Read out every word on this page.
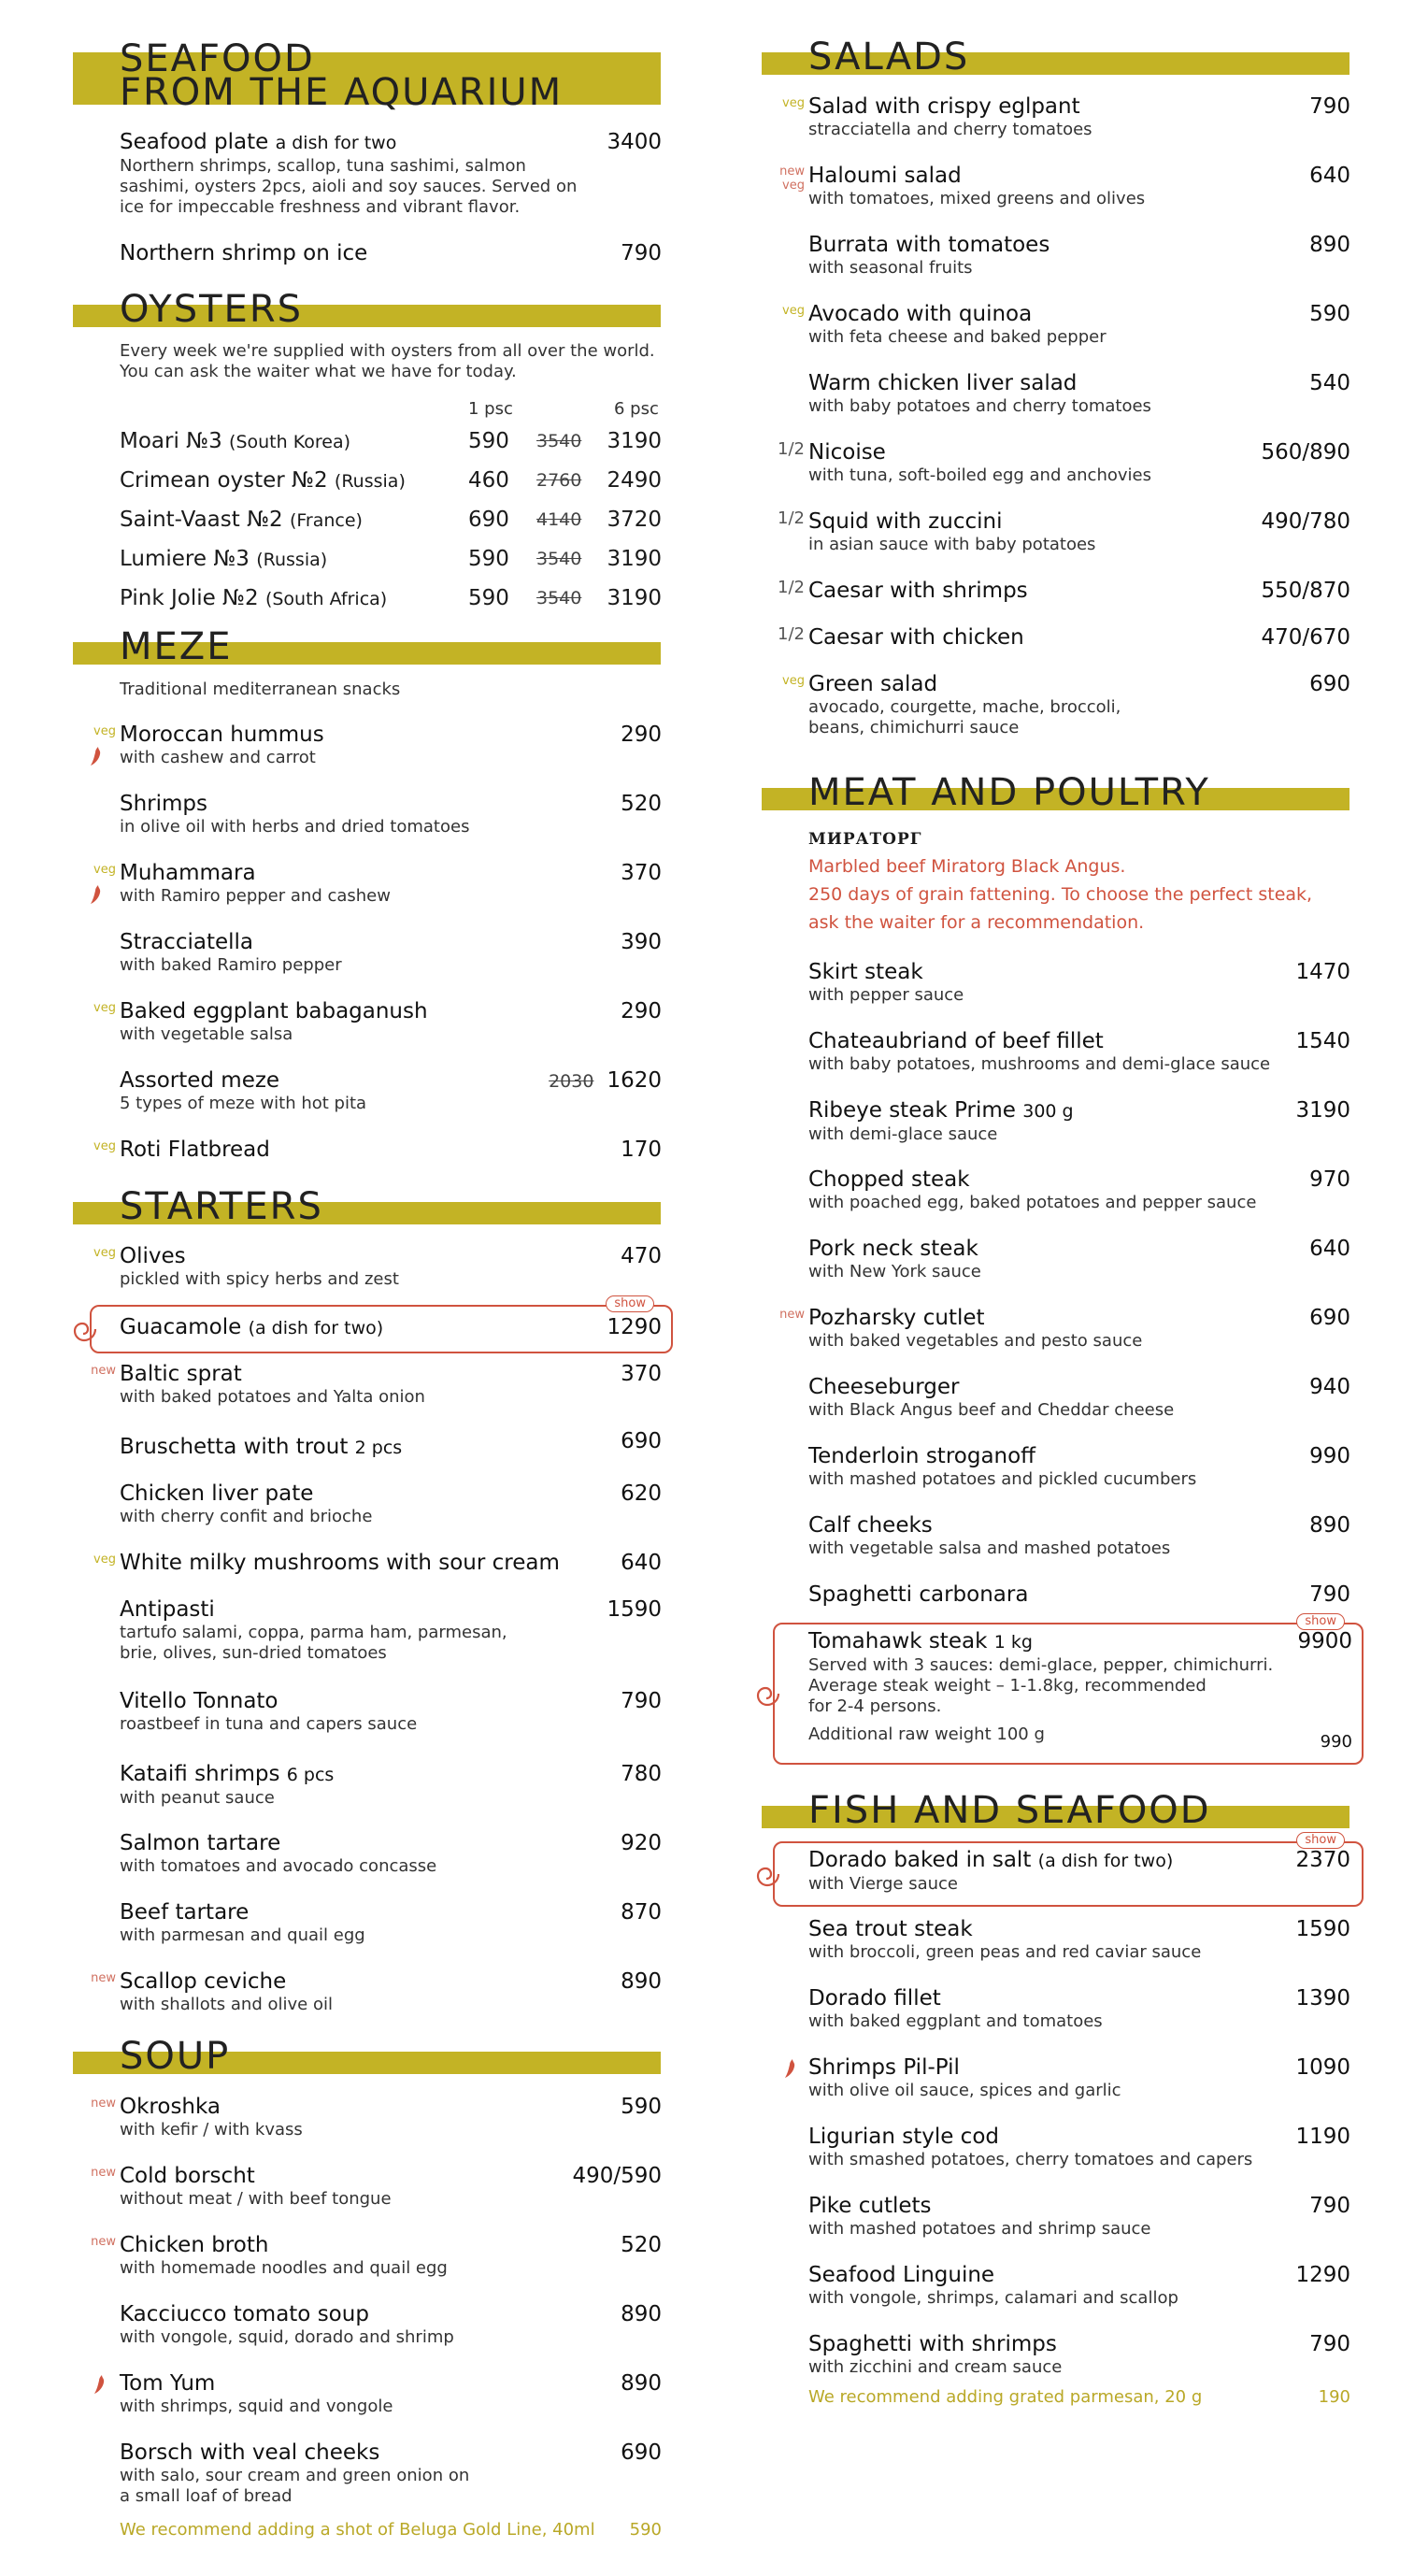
SEAFOOD
FROM THE AQUARIUM
Seafood plate a dish for two
Northern shrimps, scallop, tuna sashimi, salmon sashimi, oysters 2pcs, aioli and soy sauces. Served on ice for impeccable freshness and vibrant flavor.
3400
Northern shrimp on ice	790
OYSTERS
Every week we're supplied with oysters from all over the world.
You can ask the waiter what we have for today.
1 psc	6 psc
Moari №3 (South Korea)	590 3540 3190
Crimean oyster №2 (Russia)	460 2760 2490
Saint-Vaast №2 (France)	690 4140 3720
Lumiere №3 (Russia)	590 3540 3190
Pink Jolie №2 (South Africa)	590 3540 3190
MEZE
Traditional mediterranean snacks
veg Moroccan hummus
with cashew and carrot
290
Shrimps
in olive oil with herbs and dried tomatoes
520
veg Muhammara
with Ramiro pepper and cashew
370
Stracciatella
with baked Ramiro pepper
390
veg Baked eggplant babaganush
with vegetable salsa
290
Assorted meze
5 types of meze with hot pita
2030 1620
veg Roti Flatbread	170
STARTERS
veg Olives
pickled with spicy herbs and zest
470
show
Guacamole (a dish for two)	1290
new Baltic sprat
with baked potatoes and Yalta onion
370
Bruschetta with trout 2 pcs	690
Chicken liver pate
with cherry confit and brioche
620
veg White milky mushrooms with sour cream	640
Antipasti
tartufo salami, coppa, parma ham, parmesan, brie, olives, sun-dried tomatoes
1590
Vitello Tonnato
roastbeef in tuna and capers sauce
790
Kataifi shrimps 6 pcs
with peanut sauce
780
Salmon tartare
with tomatoes and avocado concasse
920
Beef tartare
with parmesan and quail egg
870
new Scallop ceviche
with shallots and olive oil
890
SOUP
new Okroshka
with kefir / with kvass
590
new Cold borscht
without meat / with beef tongue
490/590
new Chicken broth
with homemade noodles and quail egg
520
Kacciucco tomato soup
with vongole, squid, dorado and shrimp
890
Tom Yum
with shrimps, squid and vongole
890
Borsch with veal cheeks
with salo, sour cream and green onion on a small loaf of bread
690
We recommend adding a shot of Beluga Gold Line, 40ml 590
SALADS
veg Salad with crispy eglpant
stracciatella and cherry tomatoes
790
new veg Haloumi salad
with tomatoes, mixed greens and olives
640
Burrata with tomatoes
with seasonal fruits
890
veg Avocado with quinoa
with feta cheese and baked pepper
590
Warm chicken liver salad
with baby potatoes and cherry tomatoes
540
1/2 Nicoise
with tuna, soft-boiled egg and anchovies
560/890
1/2 Squid with zuccini
in asian sauce with baby potatoes
490/780
1/2 Caesar with shrimps	550/870
1/2 Caesar with chicken	470/670
veg Green salad
avocado, courgette, mache, broccoli, beans, chimichurri sauce
690
MEAT AND POULTRY
МИРАТОРГ
Marbled beef Miratorg Black Angus.
250 days of grain fattening. To choose the perfect steak,
ask the waiter for a recommendation.
Skirt steak
with pepper sauce
1470
Chateaubriand of beef fillet
with baby potatoes, mushrooms and demi-glace sauce
1540
Ribeye steak Prime 300 g
with demi-glace sauce
3190
Chopped steak
with poached egg, baked potatoes and pepper sauce
970
Pork neck steak
with New York sauce
640
new Pozharsky cutlet
with baked vegetables and pesto sauce
690
Cheeseburger
with Black Angus beef and Cheddar cheese
940
Tenderloin stroganoff
with mashed potatoes and pickled cucumbers
990
Calf cheeks
with vegetable salsa and mashed potatoes
890
Spaghetti carbonara	790
show
Tomahawk steak 1 kg
Served with 3 sauces: demi-glace, pepper, chimichurri.
Average steak weight – 1-1.8kg, recommended
for 2-4 persons.
Additional raw weight 100 g
9900
990
FISH AND SEAFOOD
show
Dorado baked in salt (a dish for two)
with Vierge sauce
2370
Sea trout steak
with broccoli, green peas and red caviar sauce
1590
Dorado fillet
with baked eggplant and tomatoes
1390
Shrimps Pil-Pil
with olive oil sauce, spices and garlic
1090
Ligurian style cod
with smashed potatoes, cherry tomatoes and capers
1190
Pike cutlets
with mashed potatoes and shrimp sauce
790
Seafood Linguine
with vongole, shrimps, calamari and scallop
1290
Spaghetti with shrimps
with zicchini and cream sauce
790
We recommend adding grated parmesan, 20 g	190
